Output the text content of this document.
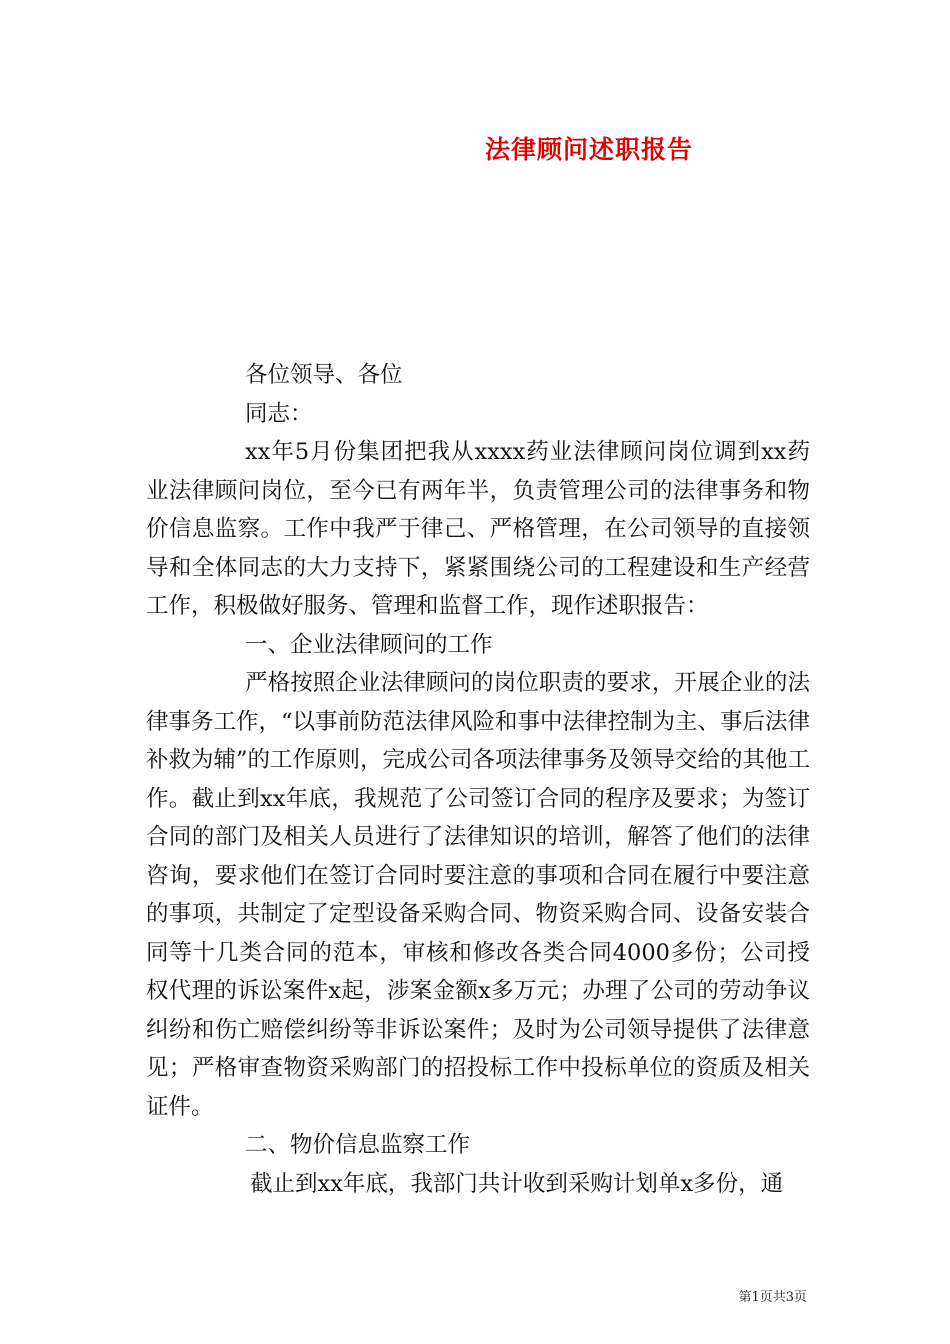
法律顾问述职报告

各位领导、各位

同志：

xx年5月份集团把我从xxxx药业法律顾问岗位调到xx药业法律顾问岗位，至今已有两年半，负责管理公司的法律事务和物价信息监察。工作中我严于律己、严格管理，在公司领导的直接领导和全体同志的大力支持下，紧紧围绕公司的工程建设和生产经营工作，积极做好服务、管理和监督工作，现作述职报告：

一、企业法律顾问的工作

严格按照企业法律顾问的岗位职责的要求，开展企业的法律事务工作，“以事前防范法律风险和事中法律控制为主、事后法律补救为辅”的工作原则，完成公司各项法律事务及领导交给的其他工作。截止到xx年底，我规范了公司签订合同的程序及要求；为签订合同的部门及相关人员进行了法律知识的培训，解答了他们的法律咨询，要求他们在签订合同时要注意的事项和合同在履行中要注意的事项，共制定了定型设备采购合同、物资采购合同、设备安装合同等十几类合同的范本，审核和修改各类合同4000多份；公司授权代理的诉讼案件x起，涉案金额x多万元；办理了公司的劳动争议纠纷和伤亡赔偿纠纷等非诉讼案件；及时为公司领导提供了法律意见；严格审查物资采购部门的招投标工作中投标单位的资质及相关证件。

二、物价信息监察工作

截止到xx年底，我部门共计收到采购计划单x多份，通

第1页共3页
